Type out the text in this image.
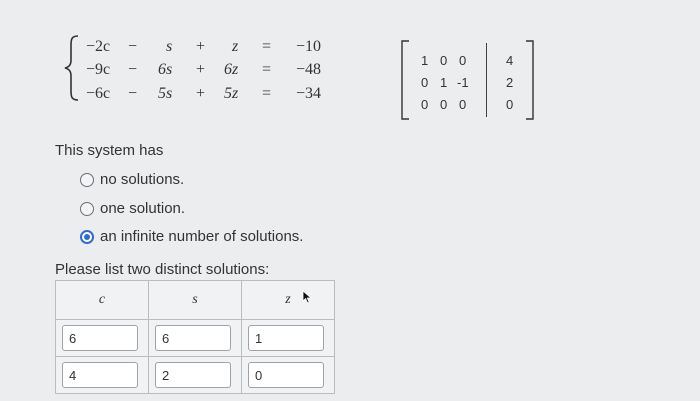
−2c − s + z = −10
−9c − 6s + 6z = −48
−6c − 5s + 5z = −34
1 0 0	4
0 1 -1	2
0 0 0	0
This system has
no solutions.
one solution.
an infinite number of solutions.
Please list two distinct solutions:
c	s	z

6	
6	
1

4	
2	
0
